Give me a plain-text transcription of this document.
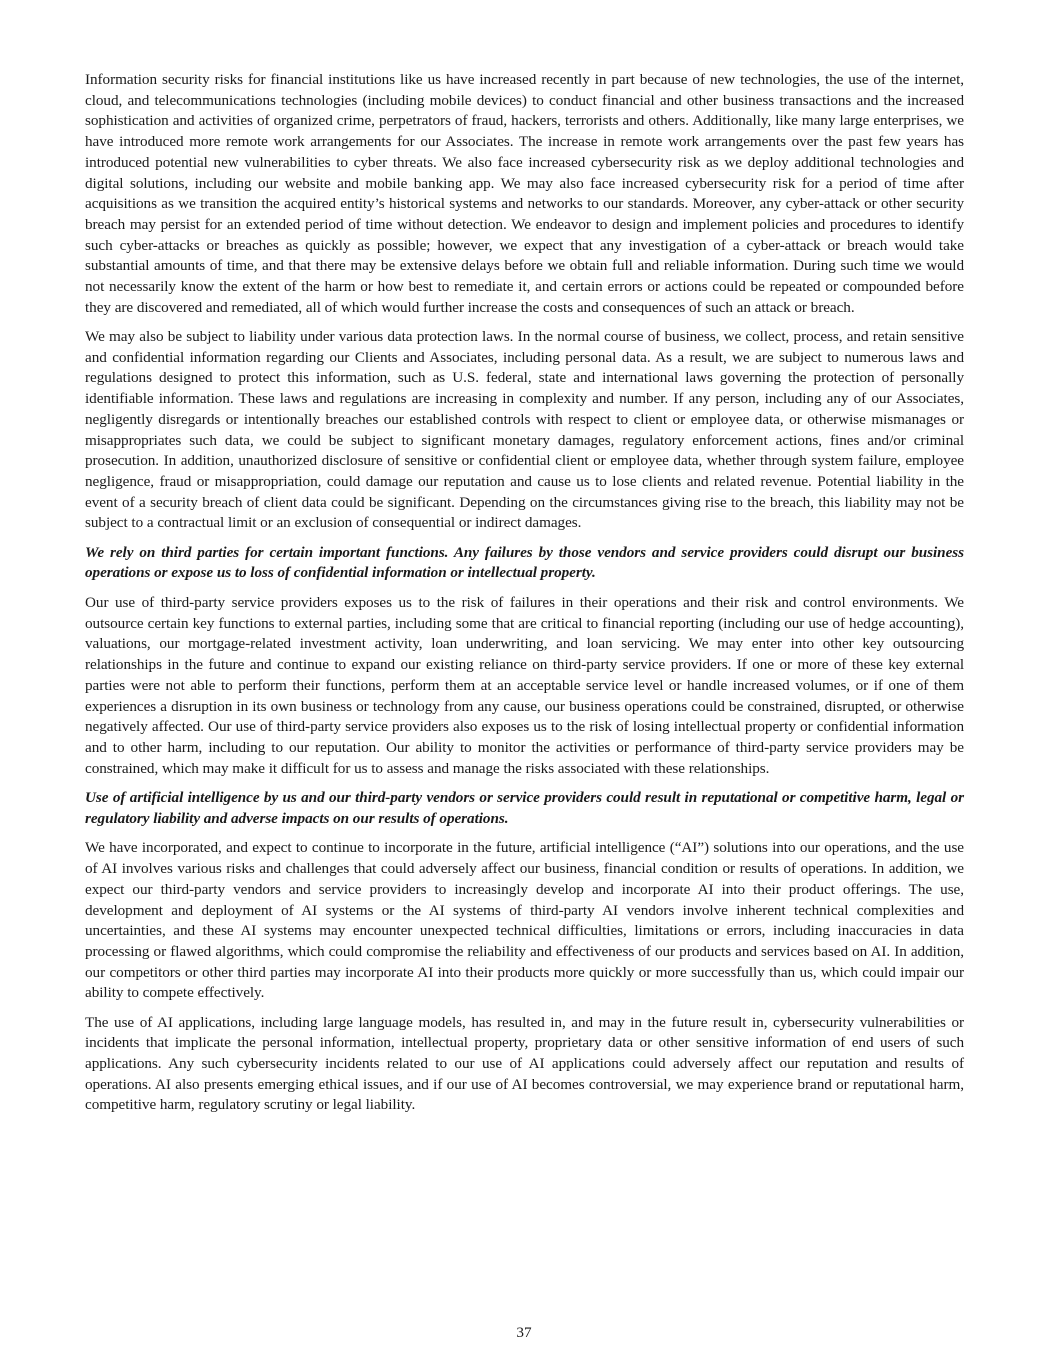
Information security risks for financial institutions like us have increased recently in part because of new technologies, the use of the internet, cloud, and telecommunications technologies (including mobile devices) to conduct financial and other business transactions and the increased sophistication and activities of organized crime, perpetrators of fraud, hackers, terrorists and others. Additionally, like many large enterprises, we have introduced more remote work arrangements for our Associates. The increase in remote work arrangements over the past few years has introduced potential new vulnerabilities to cyber threats. We also face increased cybersecurity risk as we deploy additional technologies and digital solutions, including our website and mobile banking app. We may also face increased cybersecurity risk for a period of time after acquisitions as we transition the acquired entity’s historical systems and networks to our standards. Moreover, any cyber-attack or other security breach may persist for an extended period of time without detection. We endeavor to design and implement policies and procedures to identify such cyber-attacks or breaches as quickly as possible; however, we expect that any investigation of a cyber-attack or breach would take substantial amounts of time, and that there may be extensive delays before we obtain full and reliable information. During such time we would not necessarily know the extent of the harm or how best to remediate it, and certain errors or actions could be repeated or compounded before they are discovered and remediated, all of which would further increase the costs and consequences of such an attack or breach.

We may also be subject to liability under various data protection laws. In the normal course of business, we collect, process, and retain sensitive and confidential information regarding our Clients and Associates, including personal data. As a result, we are subject to numerous laws and regulations designed to protect this information, such as U.S. federal, state and international laws governing the protection of personally identifiable information. These laws and regulations are increasing in complexity and number. If any person, including any of our Associates, negligently disregards or intentionally breaches our established controls with respect to client or employee data, or otherwise mismanages or misappropriates such data, we could be subject to significant monetary damages, regulatory enforcement actions, fines and/or criminal prosecution. In addition, unauthorized disclosure of sensitive or confidential client or employee data, whether through system failure, employee negligence, fraud or misappropriation, could damage our reputation and cause us to lose clients and related revenue. Potential liability in the event of a security breach of client data could be significant. Depending on the circumstances giving rise to the breach, this liability may not be subject to a contractual limit or an exclusion of consequential or indirect damages.

We rely on third parties for certain important functions. Any failures by those vendors and service providers could disrupt our business operations or expose us to loss of confidential information or intellectual property.

Our use of third-party service providers exposes us to the risk of failures in their operations and their risk and control environments. We outsource certain key functions to external parties, including some that are critical to financial reporting (including our use of hedge accounting), valuations, our mortgage-related investment activity, loan underwriting, and loan servicing. We may enter into other key outsourcing relationships in the future and continue to expand our existing reliance on third-party service providers. If one or more of these key external parties were not able to perform their functions, perform them at an acceptable service level or handle increased volumes, or if one of them experiences a disruption in its own business or technology from any cause, our business operations could be constrained, disrupted, or otherwise negatively affected. Our use of third-party service providers also exposes us to the risk of losing intellectual property or confidential information and to other harm, including to our reputation. Our ability to monitor the activities or performance of third-party service providers may be constrained, which may make it difficult for us to assess and manage the risks associated with these relationships.

Use of artificial intelligence by us and our third-party vendors or service providers could result in reputational or competitive harm, legal or regulatory liability and adverse impacts on our results of operations.

We have incorporated, and expect to continue to incorporate in the future, artificial intelligence (“AI”) solutions into our operations, and the use of AI involves various risks and challenges that could adversely affect our business, financial condition or results of operations. In addition, we expect our third-party vendors and service providers to increasingly develop and incorporate AI into their product offerings. The use, development and deployment of AI systems or the AI systems of third-party AI vendors involve inherent technical complexities and uncertainties, and these AI systems may encounter unexpected technical difficulties, limitations or errors, including inaccuracies in data processing or flawed algorithms, which could compromise the reliability and effectiveness of our products and services based on AI. In addition, our competitors or other third parties may incorporate AI into their products more quickly or more successfully than us, which could impair our ability to compete effectively.

The use of AI applications, including large language models, has resulted in, and may in the future result in, cybersecurity vulnerabilities or incidents that implicate the personal information, intellectual property, proprietary data or other sensitive information of end users of such applications. Any such cybersecurity incidents related to our use of AI applications could adversely affect our reputation and results of operations. AI also presents emerging ethical issues, and if our use of AI becomes controversial, we may experience brand or reputational harm, competitive harm, regulatory scrutiny or legal liability.

37
